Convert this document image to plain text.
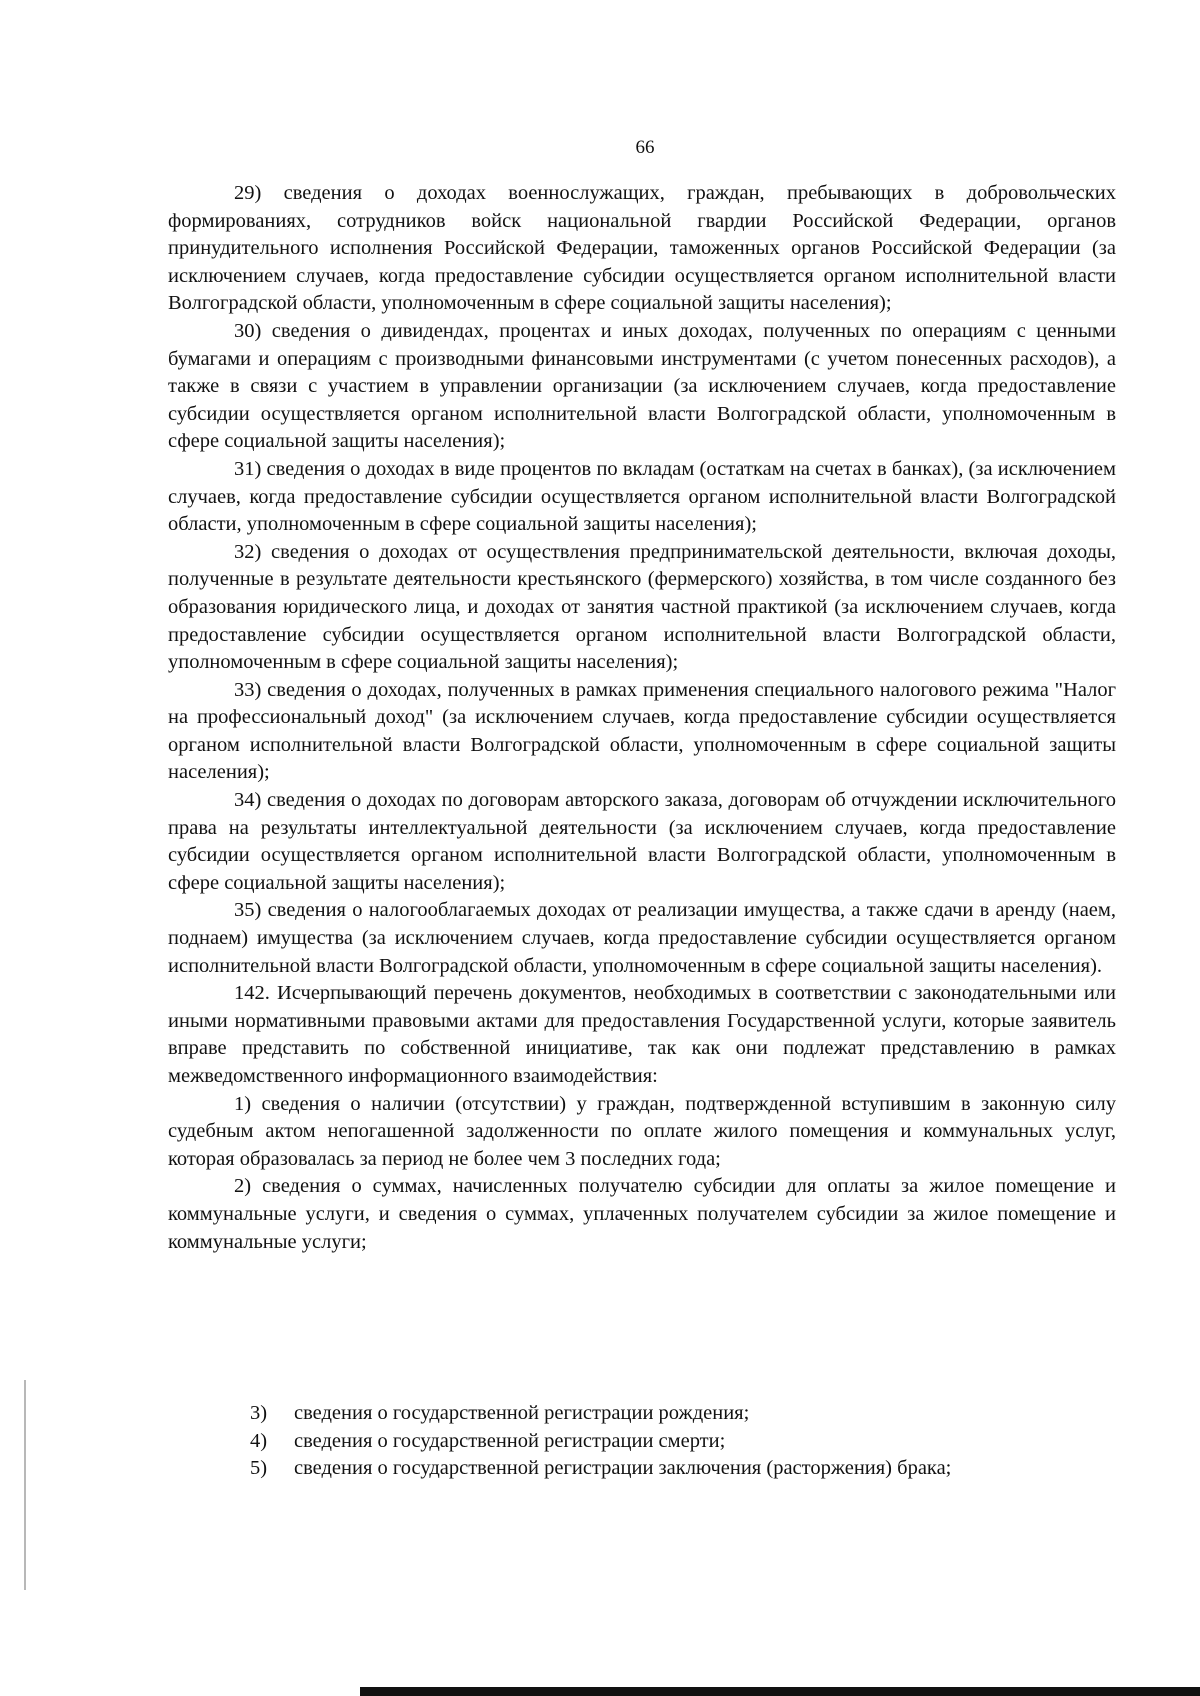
66

29) сведения о доходах военнослужащих, граждан, пребывающих в добровольческих формированиях, сотрудников войск национальной гвардии Российской Федерации, органов принудительного исполнения Российской Федерации, таможенных органов Российской Федерации (за исключением случаев, когда предоставление субсидии осуществляется органом исполнительной власти Волгоградской области, уполномоченным в сфере социальной защиты населения);

30) сведения о дивидендах, процентах и иных доходах, полученных по операциям с ценными бумагами и операциям с производными финансовыми инструментами (с учетом понесенных расходов), а также в связи с участием в управлении организации (за исключением случаев, когда предоставление субсидии осуществляется органом исполнительной власти Волгоградской области, уполномоченным в сфере социальной защиты населения);

31) сведения о доходах в виде процентов по вкладам (остаткам на счетах в банках), (за исключением случаев, когда предоставление субсидии осуществляется органом исполнительной власти Волгоградской области, уполномоченным в сфере социальной защиты населения);

32) сведения о доходах от осуществления предпринимательской деятельности, включая доходы, полученные в результате деятельности крестьянского (фермерского) хозяйства, в том числе созданного без образования юридического лица, и доходах от занятия частной практикой (за исключением случаев, когда предоставление субсидии осуществляется органом исполнительной власти Волгоградской области, уполномоченным в сфере социальной защиты населения);

33) сведения о доходах, полученных в рамках применения специального налогового режима "Налог на профессиональный доход" (за исключением случаев, когда предоставление субсидии осуществляется органом исполнительной власти Волгоградской области, уполномоченным в сфере социальной защиты населения);

34) сведения о доходах по договорам авторского заказа, договорам об отчуждении исключительного права на результаты интеллектуальной деятельности (за исключением случаев, когда предоставление субсидии осуществляется органом исполнительной власти Волгоградской области, уполномоченным в сфере социальной защиты населения);

35) сведения о налогооблагаемых доходах от реализации имущества, а также сдачи в аренду (наем, поднаем) имущества (за исключением случаев, когда предоставление субсидии осуществляется органом исполнительной власти Волгоградской области, уполномоченным в сфере социальной защиты населения).

142. Исчерпывающий перечень документов, необходимых в соответствии с законодательными или иными нормативными правовыми актами для предоставления Государственной услуги, которые заявитель вправе представить по собственной инициативе, так как они подлежат представлению в рамках межведомственного информационного взаимодействия:

1) сведения о наличии (отсутствии) у граждан, подтвержденной вступившим в законную силу судебным актом непогашенной задолженности по оплате жилого помещения и коммунальных услуг, которая образовалась за период не более чем 3 последних года;

2) сведения о суммах, начисленных получателю субсидии для оплаты за жилое помещение и коммунальные услуги, и сведения о суммах, уплаченных получателем субсидии за жилое помещение и коммунальные услуги;

3)	сведения о государственной регистрации рождения;
4)	сведения о государственной регистрации смерти;
5)	сведения о государственной регистрации заключения (расторжения) брака;
